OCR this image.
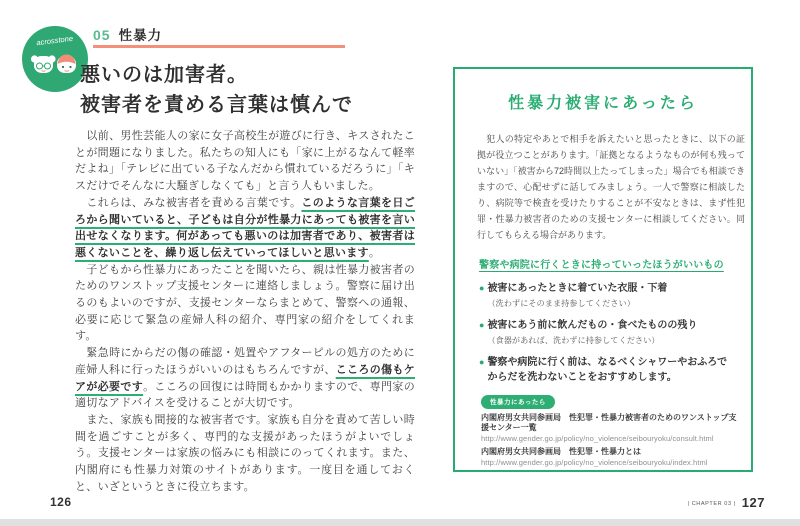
acrosstone 05 性暴力
悪いのは加害者。
被害者を責める言葉は慎んで

　以前、男性芸能人の家に女子高校生が遊びに行き、キスされたことが問題になりました。私たちの知人にも「家に上がるなんて軽率だよね」「テレビに出ている子なんだから慣れているだろうに」「キスだけでそんなに大騒ぎしなくても」と言う人もいました。

　これらは、みな被害者を責める言葉です。このような言葉を日ごろから聞いていると、子どもは自分が性暴力にあっても被害を言い出せなくなります。何があっても悪いのは加害者であり、被害者は悪くないことを、繰り返し伝えていってほしいと思います。

　子どもから性暴力にあったことを聞いたら、親は性暴力被害者のためのワンストップ支援センターに連絡しましょう。警察に届け出るのもよいのですが、支援センターならまとめて、警察への通報、必要に応じて緊急の産婦人科の紹介、専門家の紹介をしてくれます。

　緊急時にからだの傷の確認・処置やアフターピルの処方のために産婦人科に行ったほうがいいのはもちろんですが、こころの傷もケアが必要です。こころの回復には時間もかかりますので、専門家の適切なアドバイスを受けることが大切です。

　また、家族も間接的な被害者です。家族も自分を責めて苦しい時間を過ごすことが多く、専門的な支援があったほうがよいでしょう。支援センターは家族の悩みにも相談にのってくれます。また、内閣府にも性暴力対策のサイトがあります。一度目を通しておくと、いざというときに役立ちます。

126
性暴力被害にあったら

　犯人の特定やあとで相手を訴えたいと思ったときに、以下の証拠が役立つことがあります。「証拠となるようなものが何も残っていない」「被害から72時間以上たってしまった」場合でも相談できますので、心配せずに話してみましょう。一人で警察に相談したり、病院等で検査を受けたりすることが不安なときは、まず性犯罪・性暴力被害者のための支援センターに相談してください。同行してもらえる場合があります。

警察や病院に行くときに持っていったほうがいいもの
● 被害にあったときに着ていた衣服・下着
（洗わずにそのまま持参してください）
● 被害にあう前に飲んだもの・食べたものの残り
（食器があれば、洗わずに持参してください）
● 警察や病院に行く前は、なるべくシャワーやおふろでからだを洗わないことをおすすめします。
性暴力にあったら
内閣府男女共同参画局　性犯罪・性暴力被害者のためのワンストップ支援センター一覧
http://www.gender.go.jp/policy/no_violence/seibouryoku/consult.html
内閣府男女共同参画局　性犯罪・性暴力とは
http://www.gender.go.jp/policy/no_violence/seibouryoku/index.html
| CHAPTER 03 | 127
